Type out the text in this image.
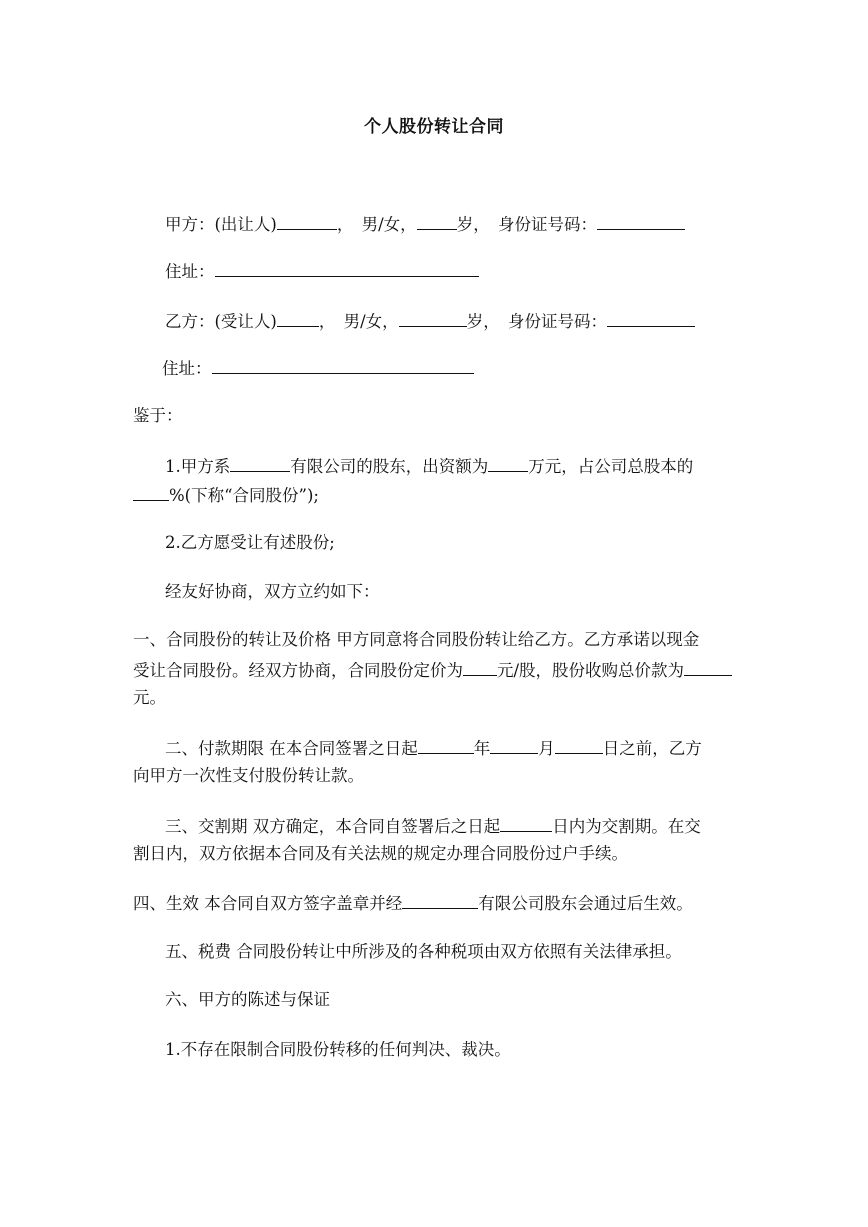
个人股份转让合同
甲方：(出让人)	，　男/女， 岁，　身份证号码：
住址：
乙方：(受让人)	，　男/女，	岁，　身份证号码：
住址：
鉴于：
1.甲方系	有限公司的股东，出资额为 万元，占公司总股本的
%(下称“合同股份”);
2.乙方愿受让有述股份;
经友好协商，双方立约如下：
一、合同股份的转让及价格 甲方同意将合同股份转让给乙方。乙方承诺以现金
受让合同股份。经双方协商，合同股份定价为 元/股，股份收购总价款为
元。
二、付款期限 在本合同签署之日起	年	月	日之前，乙方
向甲方一次性支付股份转让款。
三、交割期 双方确定，本合同自签署后之日起	日内为交割期。在交
割日内，双方依据本合同及有关法规的规定办理合同股份过户手续。
四、生效 本合同自双方签字盖章并经	有限公司股东会通过后生效。
五、税费 合同股份转让中所涉及的各种税项由双方依照有关法律承担。
六、甲方的陈述与保证
1.不存在限制合同股份转移的任何判决、裁决。
